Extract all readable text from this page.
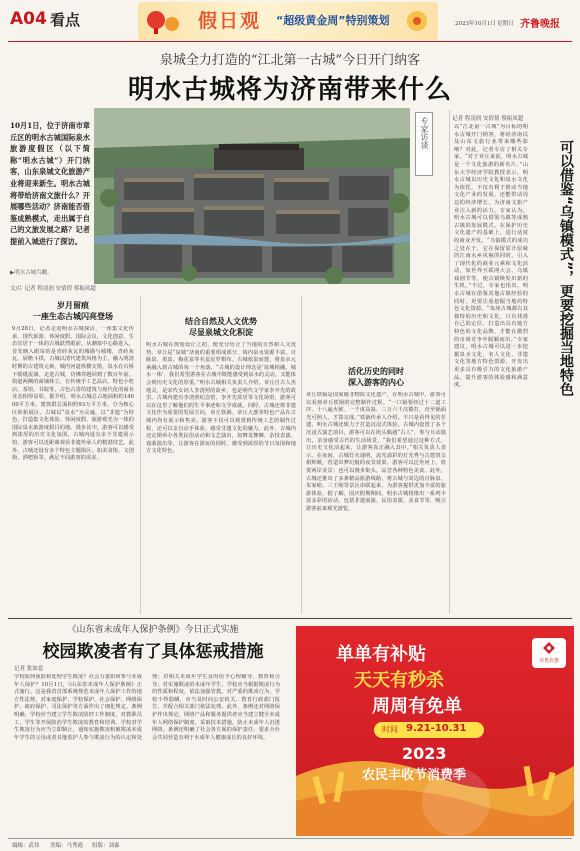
A04 看点	假日观 “超级黄金周”特别策划	2023年10月1日 星期日 齐鲁晚报
泉城全力打造的“江北第一古城”今日开门纳客
明水古城将为济南带来什么
10月1日，位于济南市章丘区的明水古城国际泉水旅游度假区（以下简称“明水古城”）开门纳客，山东泉城文化旅游产业将迎来新生。明水古城将带给济南文旅什么？开展哪些活动？济南能否借鉴成熟模式，走出属于自己的文旅发展之路？记者提前入城进行了探访。
▶明水古城鸟瞰。
文/片 记者 程凌润 安倩倩 蔡振凤超
专家访谈	记者 程凌润 安倩倩 蔡振凤超
以“江北第一古城”为目标的明水古城开门纳客，将给济南以及山东文旅行业带来哪些影响？对此，记者专访了相关专家。“对于章丘来说，明水古城是一个文化旅游的新名片。”山东大学经济学院教授表示，明水古城以历史文化和泉水文化为依托，不仅有利于推动当地文化产业的发展，还能带动周边的经济增长，为济南文旅产业注入新的活力。专家认为，明水古城可以借鉴乌镇等成熟古镇的发展模式，在保护历史文化遗产的基础上，进行适度的商业开发。“乌镇模式的成功之处在于，它在保留原汁原味的江南水乡风貌的同时，引入了现代化的商业元素和文化活动，如世界互联网大会、乌镇戏剧节等，使古镇焕发出新的生机。”不过，专家也指出，明水古城在借鉴其他古镇经验的同时，更要注重挖掘当地的特色文化资源。“每座古城都有其独特的历史和文化，只有找准自己的定位，打造出具有地方特色的文化品牌，才能在激烈的市场竞争中脱颖而出。”专家建议，明水古城可以进一步挖掘泉水文化、名人文化、非遗文化等地方特色资源，开发出更多具有吸引力的文化旅游产品，提升游客的体验感和满意度。	可以借鉴“乌镇模式”，更要挖掘当地特色
岁月留痕
一座生态古城闪亮登场
9月28日，记者走进明水古城探访，一座集文化传承、现代旅游、休闲度假、国际会议、文化创意、生态宜居于一体的古城跃然眼前。从潮泉中心路进入，首先映入眼帘的是青砖灰瓦的城墙与城楼，青砖灰瓦、屋檐斗拱，古城以清代建筑风格为主，融入明清时期的古建筑元素。城内河道纵横交错，泉水在石桥下缓缓流淌。走进古城，仿佛穿越回到了数百年前。街道两侧的商铺林立，有传统手工艺品店、特色小吃店、茶馆、书院等，古色古香的建筑与现代化的商业业态相得益彰。据介绍，明水古城总占地面积约14000平方米，建筑群总面积约93万平方米，分为核心区和拓展区。古城以“泉水”为灵魂，以“非遗”为特色，打造集文化体验、休闲度假、旅游观光为一体的国际泉水旅游度假目的地。漫步其中，游客可以感受到浓厚的历史文化氛围。古城内设有多个非遗展示馆，游客可以近距离观看非遗传承人的精湛技艺。此外，古城还设有多个特色主题街区，如美食街、文创街、酒吧街等，满足不同游客的需求。
结合自然及人文优势
尽显泉城文化积淀
明水古城在规划设计之初，便充分结合了当地的自然和人文优势。章丘是“泉城”济南的重要组成部分，境内泉水资源丰富，百脉泉、墨泉、梅花泉等名泉星罗棋布。古城依泉而建，将泉水元素融入到古城的每一个角落。“古城的设计理念是‘泉城相融、城水一体’，我们希望游客在古城中既能感受到泉水的灵动，又能体会到历史文化的厚重。”明水古城相关负责人介绍。章丘自古人杰地灵，是宋代女词人李清照的故乡，也是明代文学家李开先的故里。古城内建有李清照纪念馆、李开先故居等文化场馆，游客可以在这里了解他们的生平事迹和文学成就。同时，古城还将非遗文化作为重要的发展方向，章丘铁锅、章丘大葱等特色产品在古城内均有展示和售卖。游客不仅可以观赏到传统工艺的制作过程，还可以亲自动手体验，感受非遗文化的魅力。此外，古城内还定期举办各类民俗活动和文艺演出，如舞龙舞狮、杂技表演、戏曲演出等，让游客在游玩的同时，感受到浓厚的节日氛围和地方文化特色。
活化历史的同时
深入游客的内心
章丘铁锅是国家级非物质文化遗产，在明水古城中，游客可以看到章丘铁锅的完整制作过程。“一口锅要经过十二道工序、十八遍火候、一千度高温、三万六千次锻打，直至锅面光可照人，才算完成。”铁锅传承人介绍。不只是看得见的非遗，明水古城还致力于打造沉浸式体验。古城内设置了多个沉浸式演艺项目，游客可以在街头偶遇“古人”，参与互动演出，亲身感受古代的生活场景。“我们希望通过这种方式，让历史文化活起来，让游客真正融入其中。”相关负责人表示。在夜间，古城灯火通明，流光溢彩的灯光秀与古建筑交相辉映，营造出梦幻般的夜景效果。游客可以泛舟河上，欣赏两岸美景；也可以漫步街头，品尝各种特色美食。此外，古城还推出了多条精品旅游线路，将古城与周边的百脉泉、朱家峪、三王峪等景区串联起来，为游客提供更加丰富的旅游体验。据了解，国庆假期期间，明水古城将推出一系列丰富多彩的活动，包括非遗展演、民俗表演、美食节等，吸引游客前来观光游览。
《山东省未成年人保护条例》今日正式实施
校园欺凌者有了具体惩戒措施
记者 张如意
学校如何预防和处理学生欺凌？社会力量如何参与未成年人保护？10月1日，《山东省未成年人保护条例》正式施行。这是我省首部系统规范未成年人保护工作的地方性法规，对家庭保护、学校保护、社会保护、网络保护、政府保护、司法保护等方面作出了细化规定。条例明确，学校应当建立学生欺凌防控工作制度，对教职员工、学生等开展防治学生欺凌的教育和培训。学校对学生欺凌行为应当立即制止，通知实施欺凌和被欺凌未成年学生的父母或者其他监护人参与欺凌行为的认定和处理；对相关未成年学生及时给予心理辅导、教育和引导；对实施欺凌的未成年学生，学校应当根据欺凌行为的性质和程度，依法加强管教。对严重的欺凌行为，学校不得隐瞒，应当及时向公安机关、教育行政部门报告，并配合相关部门依法处理。此外，条例还对网络保护作出规定，网络产品和服务提供者应当建立健全未成年人网络保护制度，采取技术措施，防止未成年人沉迷网络。条例还明确了社会各方面的保护责任，要求全社会共同营造有利于未成年人健康成长的良好环境。
单单有补贴
天天有秒杀
周周有免单
时间 9.21-10.31
2023
农民丰收节消费季
齐鲁农惠
编辑：武伟 美编：马秀霞 组版：刘森
